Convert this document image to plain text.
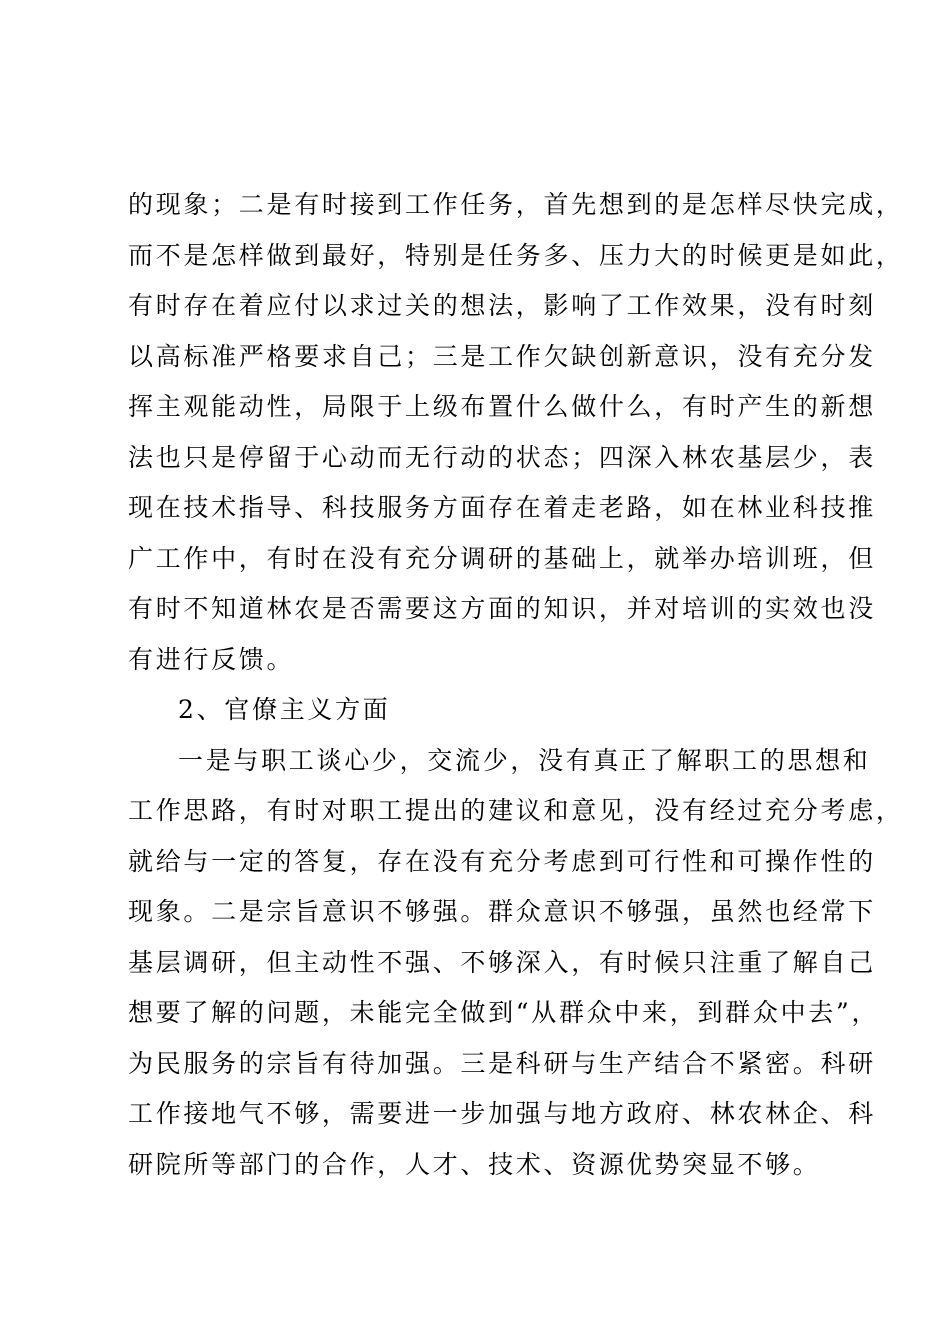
的现象；二是有时接到工作任务，首先想到的是怎样尽快完成，
而不是怎样做到最好，特别是任务多、压力大的时候更是如此，
有时存在着应付以求过关的想法，影响了工作效果，没有时刻
以高标准严格要求自己；三是工作欠缺创新意识，没有充分发
挥主观能动性，局限于上级布置什么做什么，有时产生的新想
法也只是停留于心动而无行动的状态；四深入林农基层少，表
现在技术指导、科技服务方面存在着走老路，如在林业科技推
广工作中，有时在没有充分调研的基础上，就举办培训班，但
有时不知道林农是否需要这方面的知识，并对培训的实效也没
有进行反馈。
2、官僚主义方面
一是与职工谈心少，交流少，没有真正了解职工的思想和
工作思路，有时对职工提出的建议和意见，没有经过充分考虑，
就给与一定的答复，存在没有充分考虑到可行性和可操作性的
现象。二是宗旨意识不够强。群众意识不够强，虽然也经常下
基层调研，但主动性不强、不够深入，有时候只注重了解自己
想要了解的问题，未能完全做到“从群众中来，到群众中去”，
为民服务的宗旨有待加强。三是科研与生产结合不紧密。科研
工作接地气不够，需要进一步加强与地方政府、林农林企、科
研院所等部门的合作，人才、技术、资源优势突显不够。
